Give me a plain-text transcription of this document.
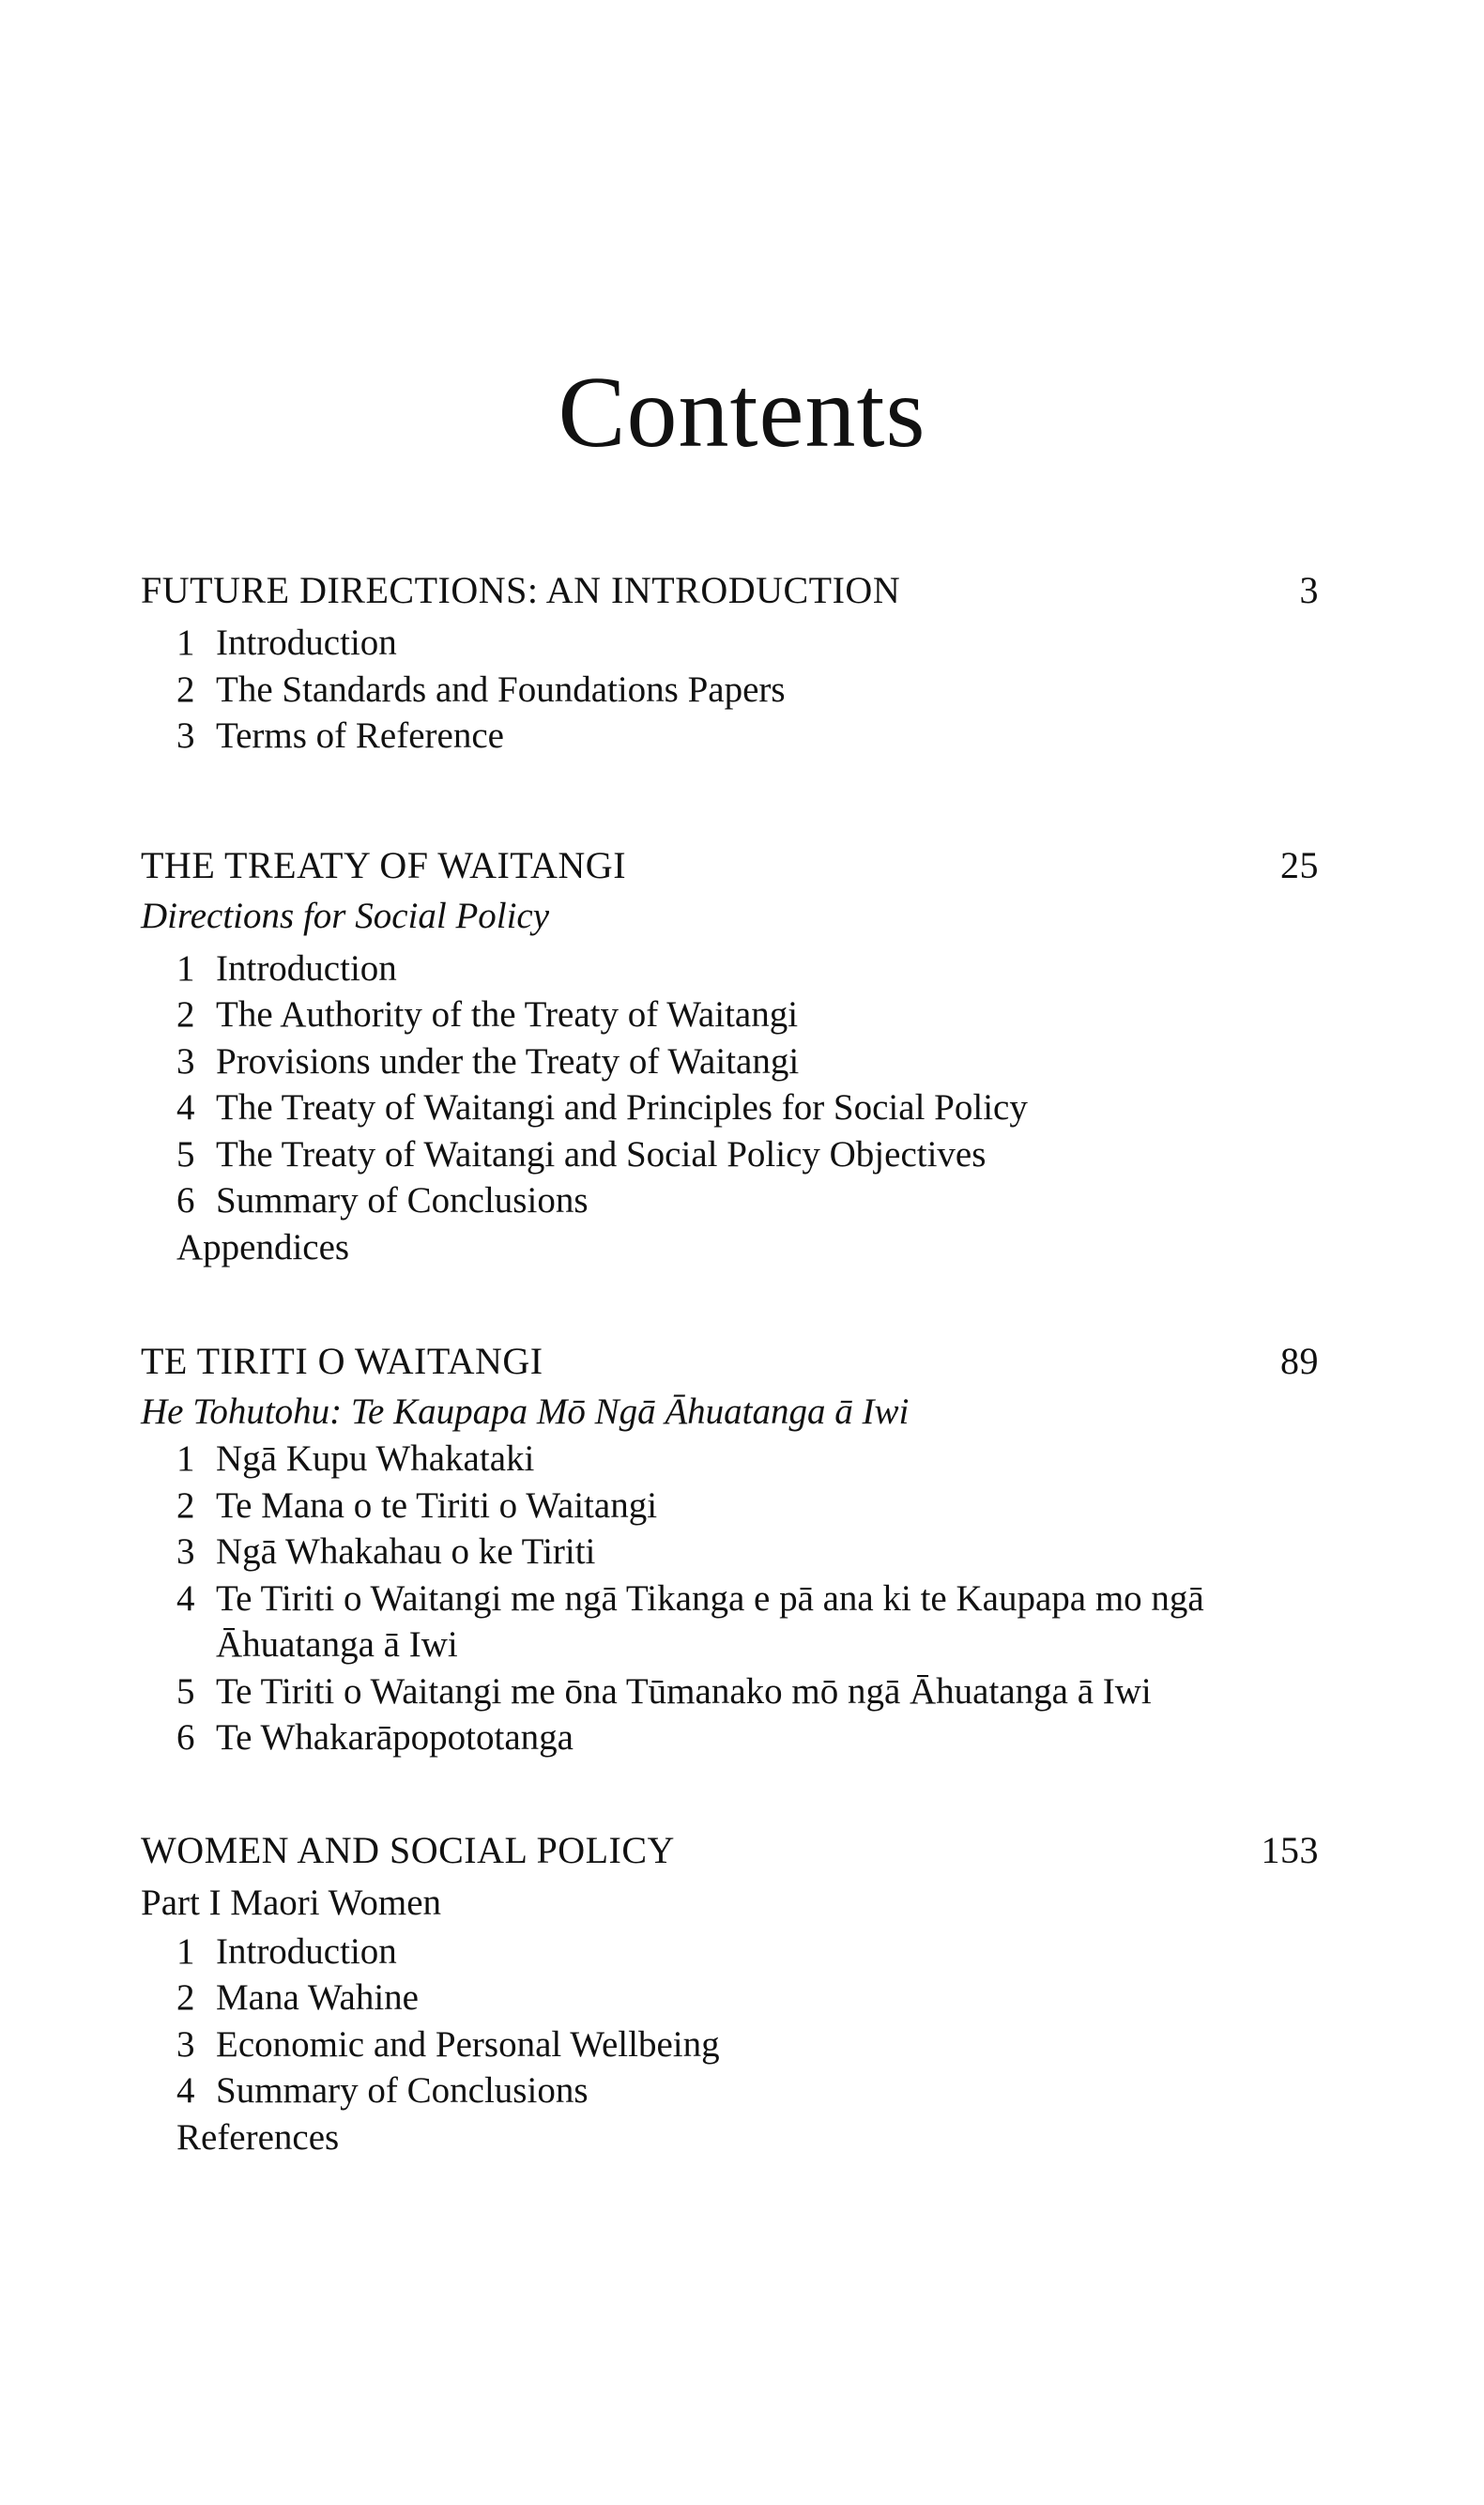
Contents
FUTURE DIRECTIONS: AN INTRODUCTION	3
1 Introduction
2 The Standards and Foundations Papers
3 Terms of Reference
THE TREATY OF WAITANGI	25
Directions for Social Policy
1 Introduction
2 The Authority of the Treaty of Waitangi
3 Provisions under the Treaty of Waitangi
4 The Treaty of Waitangi and Principles for Social Policy
5 The Treaty of Waitangi and Social Policy Objectives
6 Summary of Conclusions
Appendices
TE TIRITI O WAITANGI	89
He Tohutohu: Te Kaupapa Mō Ngā Āhuatanga ā Iwi
1 Ngā Kupu Whakataki
2 Te Mana o te Tiriti o Waitangi
3 Ngā Whakahau o ke Tiriti
4 Te Tiriti o Waitangi me ngā Tikanga e pā ana ki te Kaupapa mo ngā Āhuatanga ā Iwi
5 Te Tiriti o Waitangi me ōna Tūmanako mō ngā Āhuatanga ā Iwi
6 Te Whakarāpopototanga
WOMEN AND SOCIAL POLICY	153
Part I Maori Women
1 Introduction
2 Mana Wahine
3 Economic and Personal Wellbeing
4 Summary of Conclusions
References
